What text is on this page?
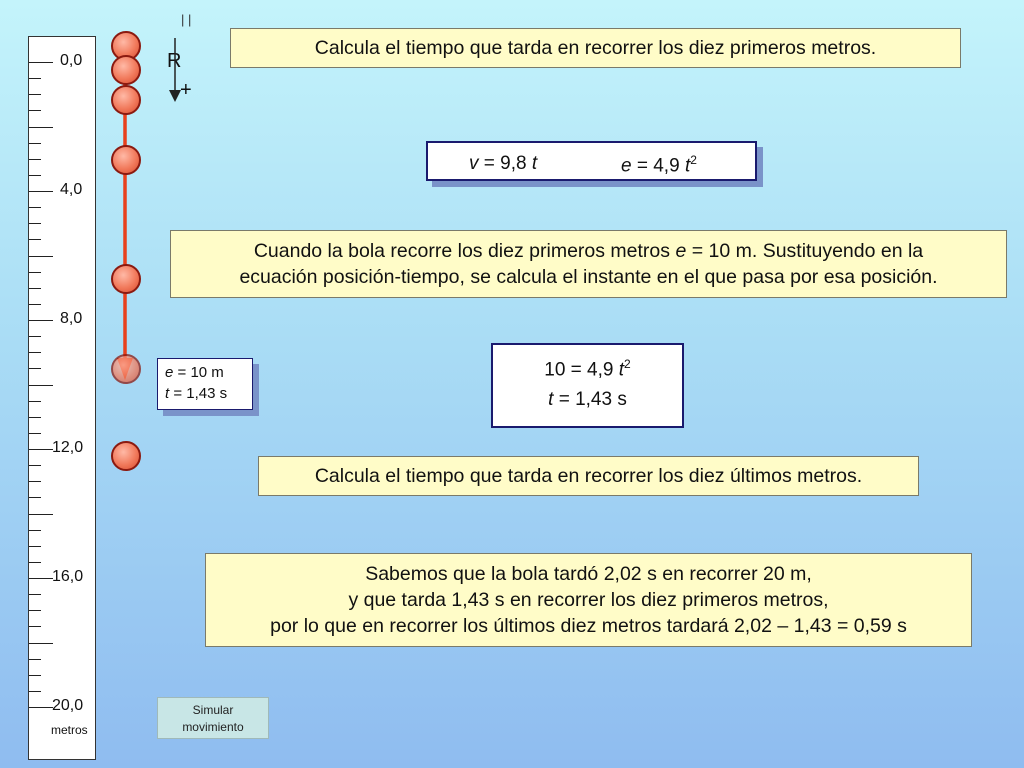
0,0
4,0
8,0
12,0
16,0
20,0
metros
| |
R
+
Calcula el tiempo que tarda en recorrer los diez primeros metros.
v = 9,8 t	e = 4,9 $t^2$
Cuando la bola recorre los diez primeros metros e = 10 m. Sustituyendo en la
ecuación posición-tiempo, se calcula el instante en el que pasa por esa posición.
e = 10 m
t = 1,43 s
10 = 4,9 $t^2$
t = 1,43 s
Calcula el tiempo que tarda en recorrer los diez últimos metros.
Sabemos que la bola tardó 2,02 s en recorrer 20 m,
y que tarda 1,43 s en recorrer los diez primeros metros,
por lo que en recorrer los últimos diez metros tardará 2,02 – 1,43 = 0,59 s
Simular
movimiento
